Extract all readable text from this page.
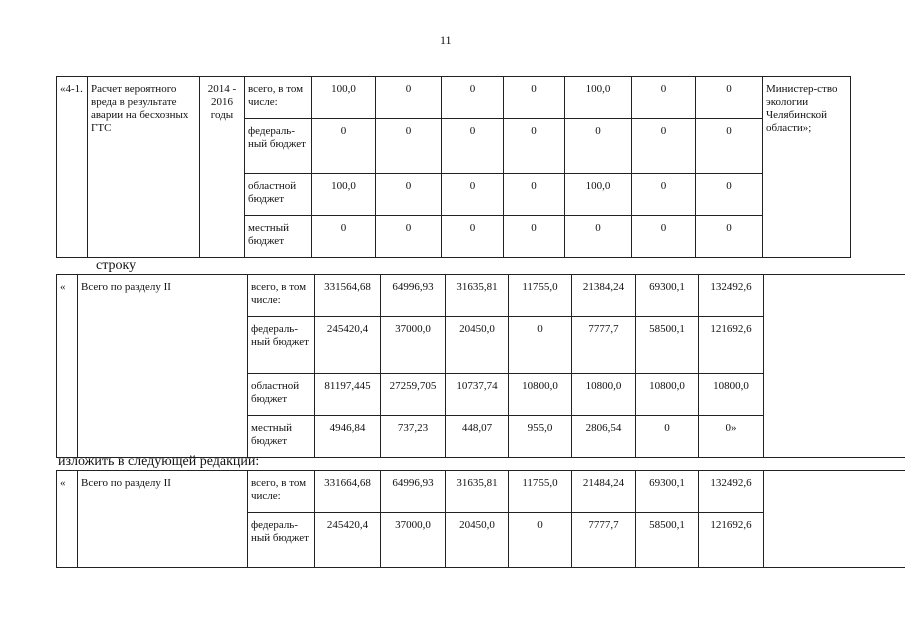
11
«4-1.	Расчет вероятного вреда в результате аварии на бесхозных ГТС	2014 - 2016 годы	всего, в том числе:	100,0	0	0	0	100,0	0	0	Министер-ство экологии Челябинской области»;
			федераль-ный бюджет	0	0	0	0	0	0	0	
			областной бюджет	100,0	0	0	0	100,0	0	0	
			местный бюджет	0	0	0	0	0	0	0	
строку
«	Всего по разделу II	всего, в том числе:	331564,68	64996,93	31635,81	11755,0	21384,24	69300,1	132492,6	
		федераль-ный бюджет	245420,4	37000,0	20450,0	0	7777,7	58500,1	121692,6	
		областной бюджет	81197,445	27259,705	10737,74	10800,0	10800,0	10800,0	10800,0	
		местный бюджет	4946,84	737,23	448,07	955,0	2806,54	0	0»	
изложить в следующей редакции:
«	Всего по разделу II	всего, в том числе:	331664,68	64996,93	31635,81	11755,0	21484,24	69300,1	132492,6	
		федераль-ный бюджет	245420,4	37000,0	20450,0	0	7777,7	58500,1	121692,6	
